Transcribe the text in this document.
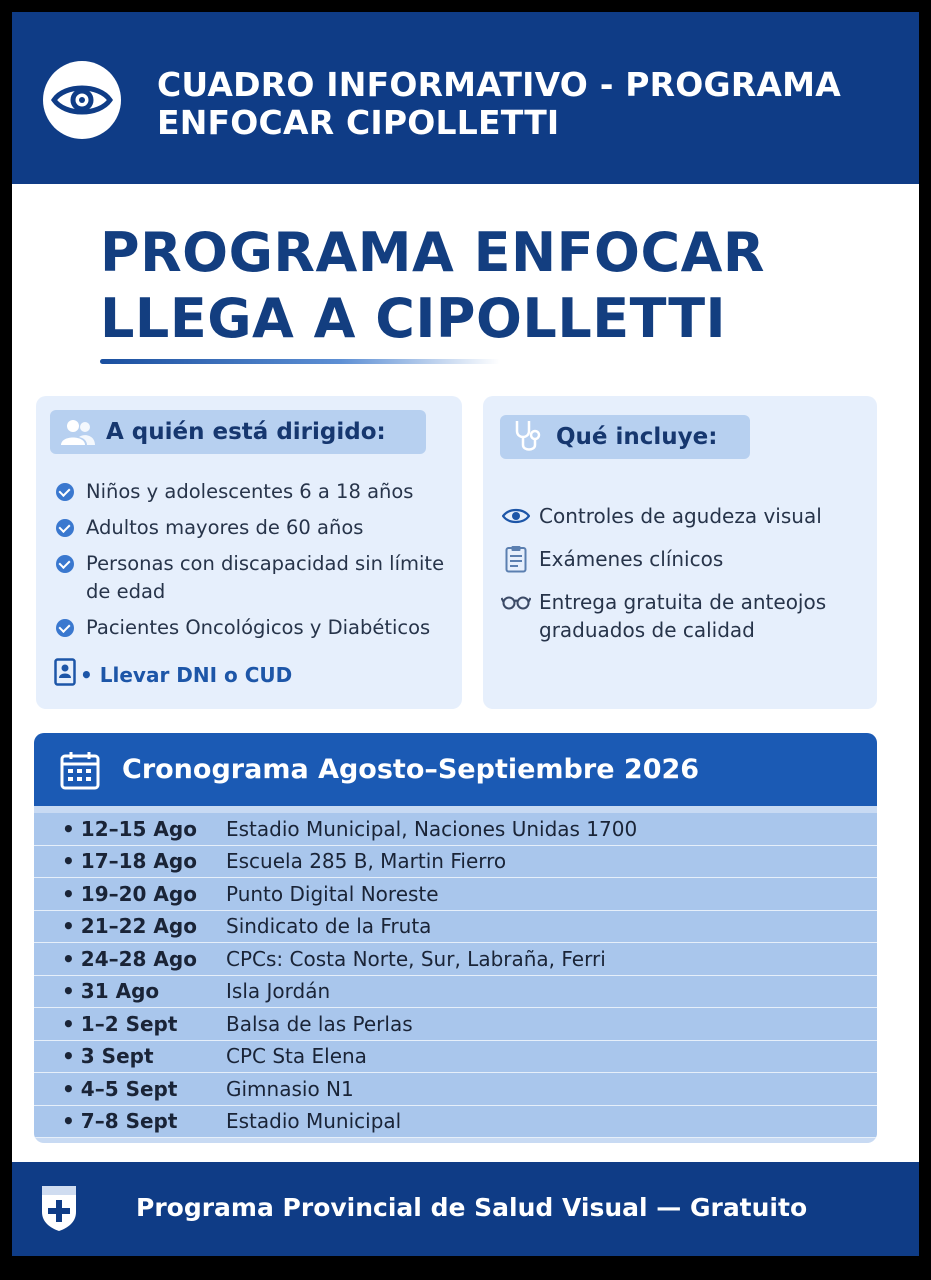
CUADRO INFORMATIVO - PROGRAMA
ENFOCAR CIPOLLETTI
PROGRAMA ENFOCAR
LLEGA A CIPOLLETTI
A quién está dirigido:
Niños y adolescentes 6 a 18 años
Adultos mayores de 60 años
Personas con discapacidad sin límite de edad
Pacientes Oncológicos y Diabéticos
• Llevar DNI o CUD
Qué incluye:
Controles de agudeza visual
Exámenes clínicos
Entrega gratuita de anteojos graduados de calidad
Cronograma Agosto–Septiembre 2026
• 12–15 Ago	Estadio Municipal, Naciones Unidas 1700
• 17–18 Ago	Escuela 285 B, Martin Fierro
• 19–20 Ago	Punto Digital Noreste
• 21–22 Ago	Sindicato de la Fruta
• 24–28 Ago	CPCs: Costa Norte, Sur, Labraña, Ferri
• 31 Ago	Isla Jordán
• 1–2 Sept	Balsa de las Perlas
• 3 Sept	CPC Sta Elena
• 4–5 Sept	Gimnasio N1
• 7–8 Sept	Estadio Municipal
Programa Provincial de Salud Visual — Gratuito
